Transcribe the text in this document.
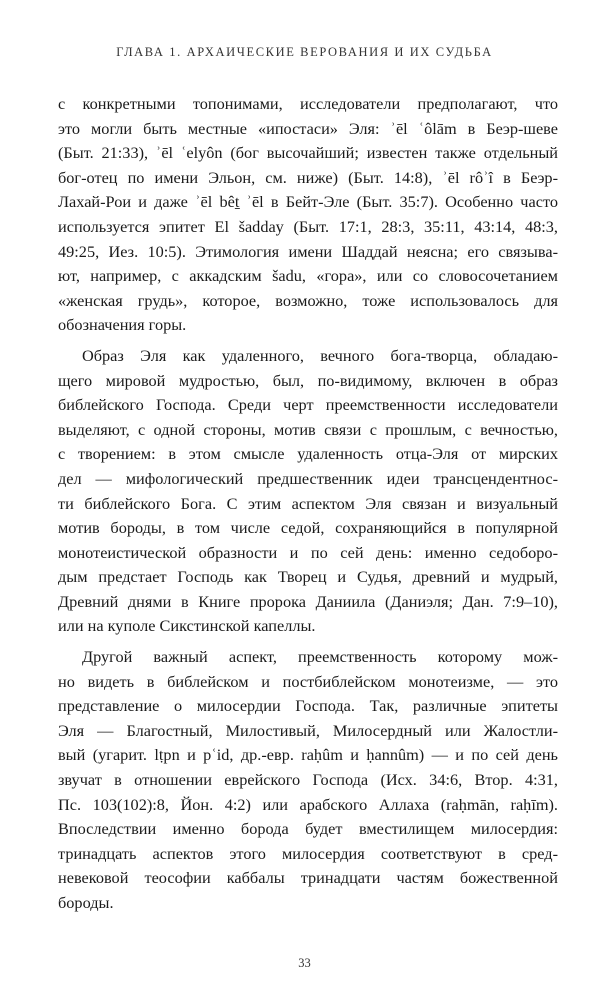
ГЛАВА 1. АРХАИЧЕСКИЕ ВЕРОВАНИЯ И ИХ СУДЬБА
с конкретными топонимами, исследователи предполагают, что
это могли быть местные «ипостаси» Эля: ʾēl ʿôlām в Беэр-шеве
(Быт. 21:33), ʾēl ʿelyôn (бог высочайший; известен также отдельный
бог-отец по имени Эльон, см. ниже) (Быт. 14:8), ʾēl rôʾî в Беэр-
Лахай-Рои и даже ʾēl bêṯ ʾēl в Бейт-Эле (Быт. 35:7). Особенно часто
используется эпитет El šadday (Быт. 17:1, 28:3, 35:11, 43:14, 48:3,
49:25, Иез. 10:5). Этимология имени Шаддай неясна; его связыва-
ют, например, с аккадским šadu, «гора», или со словосочетанием
«женская грудь», которое, возможно, тоже использовалось для
обозначения горы.
Образ Эля как удаленного, вечного бога-творца, обладаю-
щего мировой мудростью, был, по-видимому, включен в образ
библейского Господа. Среди черт преемственности исследователи
выделяют, с одной стороны, мотив связи с прошлым, с вечностью,
с творением: в этом смысле удаленность отца-Эля от мирских
дел — мифологический предшественник идеи трансцендентнос-
ти библейского Бога. С этим аспектом Эля связан и визуальный
мотив бороды, в том числе седой, сохраняющийся в популярной
монотеистической образности и по сей день: именно седоборо-
дым предстает Господь как Творец и Судья, древний и мудрый,
Древний днями в Книге пророка Даниила (Даниэля; Дан. 7:9–10),
или на куполе Сикстинской капеллы.
Другой важный аспект, преемственность которому мож-
но видеть в библейском и постбиблейском монотеизме, — это
представление о милосердии Господа. Так, различные эпитеты
Эля — Благостный, Милостивый, Милосердный или Жалостли-
вый (угарит. lṭpn и pʿid, др.-евр. raḥûm и ḥannûm) — и по сей день
звучат в отношении еврейского Господа (Исх. 34:6, Втор. 4:31,
Пс. 103(102):8, Йон. 4:2) или арабского Аллаха (raḥmān, raḥīm).
Впоследствии именно борода будет вместилищем милосердия:
тринадцать аспектов этого милосердия соответствуют в сред-
невековой теософии каббалы тринадцати частям божественной
бороды.
33
